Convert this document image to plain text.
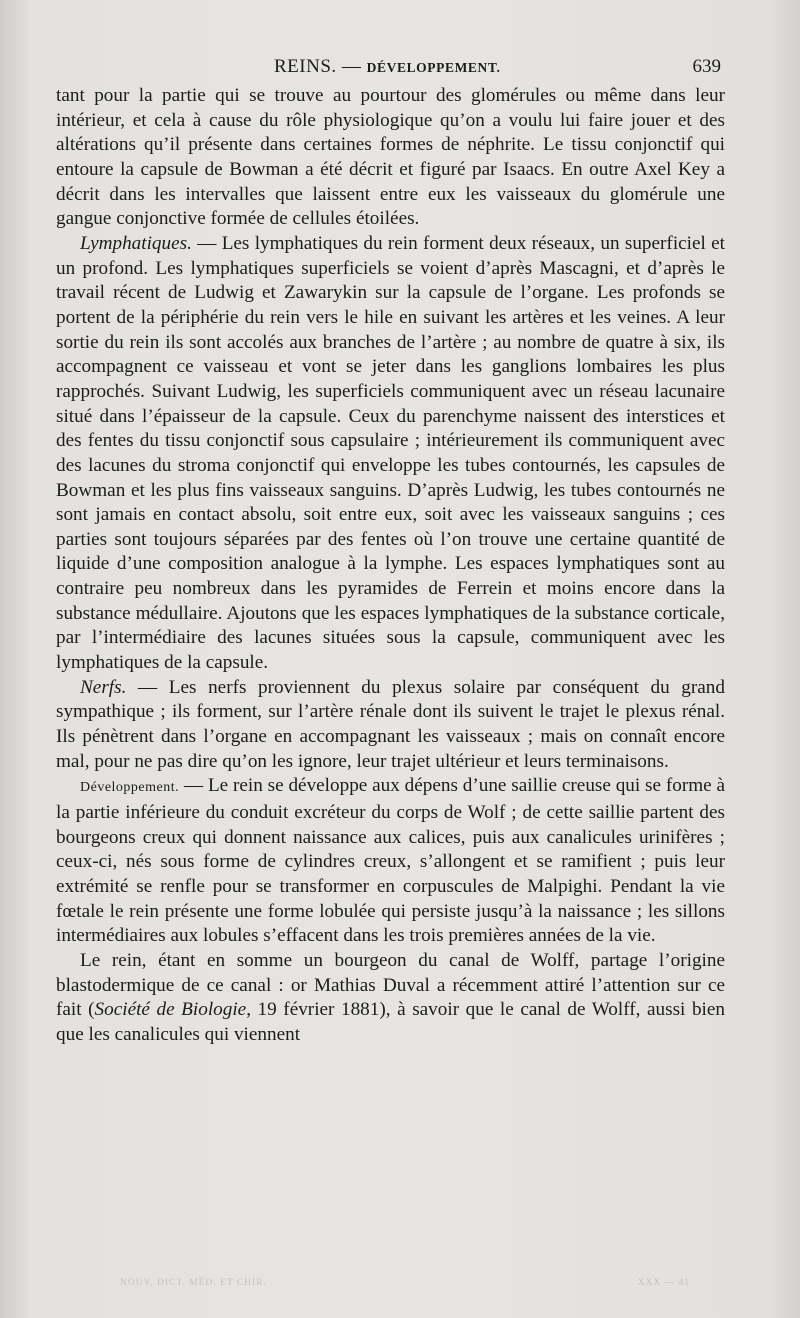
REINS. — DÉVELOPPEMENT.	639

tant pour la partie qui se trouve au pourtour des glomérules ou même dans leur intérieur, et cela à cause du rôle physiologique qu’on a voulu lui faire jouer et des altérations qu’il présente dans certaines formes de néphrite. Le tissu conjonctif qui entoure la capsule de Bowman a été décrit et figuré par Isaacs. En outre Axel Key a décrit dans les intervalles que laissent entre eux les vaisseaux du glomérule une gangue conjonctive formée de cellules étoilées.

Lymphatiques. — Les lymphatiques du rein forment deux réseaux, un superficiel et un profond. Les lymphatiques superficiels se voient d’après Mascagni, et d’après le travail récent de Ludwig et Zawarykin sur la capsule de l’organe. Les profonds se portent de la périphérie du rein vers le hile en suivant les artères et les veines. A leur sortie du rein ils sont accolés aux branches de l’artère ; au nombre de quatre à six, ils accompagnent ce vaisseau et vont se jeter dans les ganglions lombaires les plus rapprochés. Suivant Ludwig, les superficiels communiquent avec un réseau lacunaire situé dans l’épaisseur de la capsule. Ceux du parenchyme naissent des interstices et des fentes du tissu conjonctif sous capsulaire ; intérieurement ils communiquent avec des lacunes du stroma conjonctif qui enveloppe les tubes contournés, les capsules de Bowman et les plus fins vaisseaux sanguins. D’après Ludwig, les tubes contournés ne sont jamais en contact absolu, soit entre eux, soit avec les vaisseaux sanguins ; ces parties sont toujours séparées par des fentes où l’on trouve une certaine quantité de liquide d’une composition analogue à la lymphe. Les espaces lymphatiques sont au contraire peu nombreux dans les pyramides de Ferrein et moins encore dans la substance médullaire. Ajoutons que les espaces lymphatiques de la substance corticale, par l’intermédiaire des lacunes situées sous la capsule, communiquent avec les lymphatiques de la capsule.

Nerfs. — Les nerfs proviennent du plexus solaire par conséquent du grand sympathique ; ils forment, sur l’artère rénale dont ils suivent le trajet le plexus rénal. Ils pénètrent dans l’organe en accompagnant les vaisseaux ; mais on connaît encore mal, pour ne pas dire qu’on les ignore, leur trajet ultérieur et leurs terminaisons.

Développement. — Le rein se développe aux dépens d’une saillie creuse qui se forme à la partie inférieure du conduit excréteur du corps de Wolf ; de cette saillie partent des bourgeons creux qui donnent naissance aux calices, puis aux canalicules urinifères ; ceux-ci, nés sous forme de cylindres creux, s’allongent et se ramifient ; puis leur extrémité se renfle pour se transformer en corpuscules de Malpighi. Pendant la vie fœtale le rein présente une forme lobulée qui persiste jusqu’à la naissance ; les sillons intermédiaires aux lobules s’effacent dans les trois premières années de la vie.

Le rein, étant en somme un bourgeon du canal de Wolff, partage l’origine blastodermique de ce canal : or Mathias Duval a récemment attiré l’attention sur ce fait (Société de Biologie, 19 février 1881), à savoir que le canal de Wolff, aussi bien que les canalicules qui viennent

NOUV. DICT. MÉD. ET CHIR.	XXX — 41
